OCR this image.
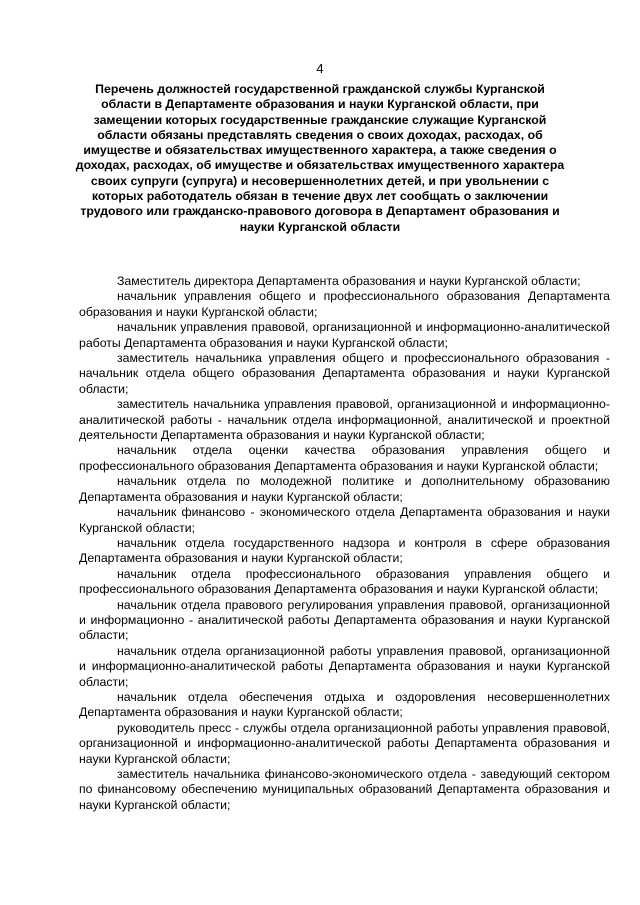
4
Перечень должностей государственной гражданской службы Курганской области в Департаменте образования и науки Курганской области, при замещении которых государственные гражданские служащие Курганской области обязаны представлять сведения о своих доходах, расходах, об имуществе и обязательствах имущественного характера, а также сведения о доходах, расходах, об имуществе и обязательствах имущественного характера своих супруги (супруга) и несовершеннолетних детей, и при увольнении с которых работодатель обязан в течение двух лет сообщать о заключении трудового или гражданско-правового договора в Департамент образования и науки Курганской области
Заместитель директора Департамента образования и науки Курганской области;
начальник управления общего и профессионального образования Департамента образования и науки Курганской области;
начальник управления правовой, организационной и информационно-аналитической работы Департамента образования и науки Курганской области;
заместитель начальника управления общего и профессионального образования - начальник отдела общего образования Департамента образования и науки Курганской области;
заместитель начальника управления правовой, организационной и информационно-аналитической работы - начальник отдела информационной, аналитической и проектной деятельности Департамента образования и науки Курганской области;
начальник отдела оценки качества образования управления общего и профессионального образования Департамента образования и науки Курганской области;
начальник отдела по молодежной политике и дополнительному образованию Департамента образования и науки Курганской области;
начальник финансово - экономического отдела Департамента образования и науки Курганской области;
начальник отдела государственного надзора и контроля в сфере образования Департамента образования и науки Курганской области;
начальник отдела профессионального образования управления общего и профессионального образования Департамента образования и науки Курганской области;
начальник отдела правового регулирования управления правовой, организационной и информационно - аналитической работы Департамента образования и науки Курганской области;
начальник отдела организационной работы управления правовой, организационной и информационно-аналитической работы Департамента образования и науки Курганской области;
начальник отдела обеспечения отдыха и оздоровления несовершеннолетних Департамента образования и науки Курганской области;
руководитель пресс - службы отдела организационной работы управления правовой, организационной и информационно-аналитической работы Департамента образования и науки Курганской области;
заместитель начальника финансово-экономического отдела - заведующий сектором по финансовому обеспечению муниципальных образований Департамента образования и науки Курганской области;
